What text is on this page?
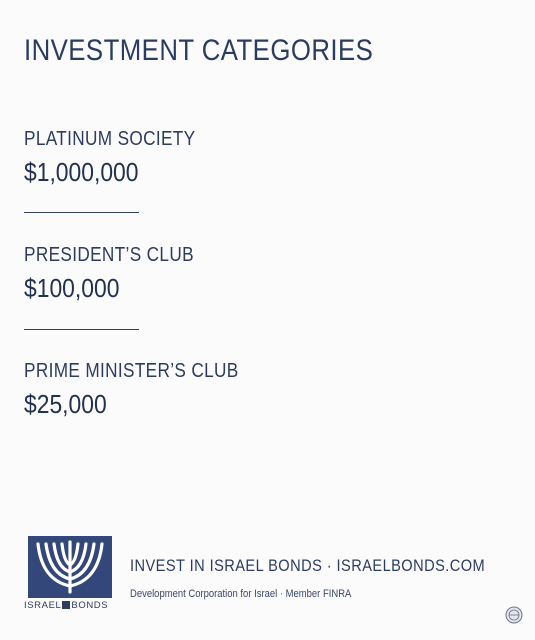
INVESTMENT CATEGORIES
PLATINUM SOCIETY
$1,000,000
PRESIDENT’S CLUB
$100,000
PRIME MINISTER’S CLUB
$25,000
ISRAEL BONDS
INVEST IN ISRAEL BONDS · ISRAELBONDS.COM
Development Corporation for Israel · Member FINRA
